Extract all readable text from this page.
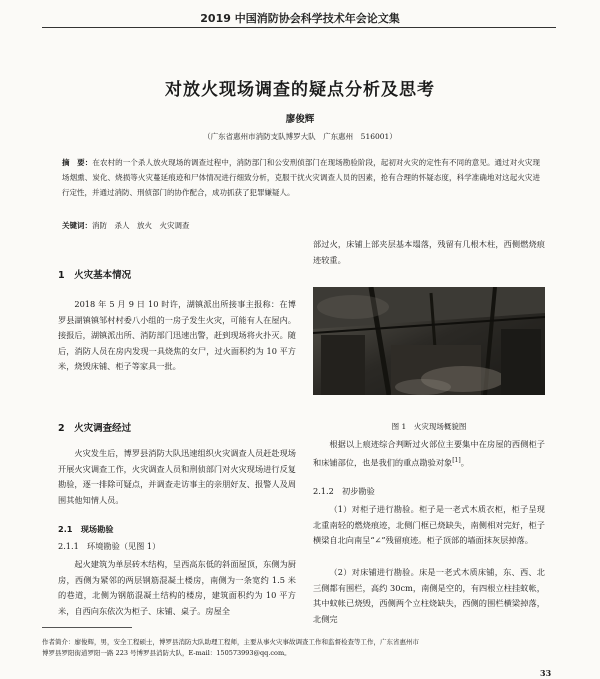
2019 中国消防协会科学技术年会论文集
对放火现场调查的疑点分析及思考
廖俊辉
（广东省惠州市消防支队博罗大队　广东惠州　516001）
摘　要：在农村的一个杀人放火现场的调查过程中，消防部门和公安刑侦部门在现场勘验阶段，起初对火灾的定性有不同的意见。通过对火灾现场烟熏、炭化、烧损等火灾蔓延痕迹和尸体情况进行细致分析，克服干扰火灾调查人员的因素，抢有合理的怀疑态度，科学准确地对这起火灾进行定性，并通过消防、刑侦部门的协作配合，成功抓获了犯罪嫌疑人。
关键词：消防　杀人　放火　火灾调查
1　火灾基本情况
2018 年 5 月 9 日 10 时许，湖镇派出所接事主报称：在博罗县湖镇镇邹村村委八小组的一房子发生火灾，可能有人在屋内。接报后，湖镇派出所、消防部门迅速出警，赶到现场将火扑灭。随后，消防人员在房内发现一具烧焦的女尸，过火面积约为 10 平方米，烧毁床铺、柜子等家具一批。
2　火灾调查经过
火灾发生后，博罗县消防大队迅速组织火灾调查人员赶赴现场开展火灾调查工作，火灾调查人员和刑侦部门对火灾现场进行反复勘验，逐一排除可疑点，并调查走访事主的亲朋好友、报警人及周围其他知情人员。
2.1　现场勘验
2.1.1　环境勘验（见图 1）
起火建筑为单层砖木结构，呈西高东低的斜面屋顶，东侧为厨房，西侧为紧邻的两层钢筋混凝土楼房，南侧为一条宽约 1.5 米的巷道，北侧为钢筋混凝土结构的楼房，建筑面积约为 10 平方米，自西向东依次为柜子、床铺、桌子。房屋全
部过火，床铺上部夹层基本塌落，残留有几根木柱，西侧燃烧痕迹较重。
图 1　火灾现场概貌图
根据以上痕迹综合判断过火部位主要集中在房屋的西侧柜子和床铺部位，也是我们的重点勘验对象[1]。
2.1.2　初步勘验
（1）对柜子进行勘验。柜子是一老式木质衣柜，柜子呈现北重南轻的燃烧痕迹，北侧门框已烧缺失，南侧相对完好，柜子横梁自北向南呈“∠”残留痕迹。柜子顶部的墙面抹灰层掉落。
（2）对床铺进行勘验。床是一老式木质床铺，东、西、北三侧都有围栏，高约 30cm，南侧是空的，有四根立柱挂蚊帐，其中蚊帐已烧毁，西侧两个立柱烧缺失，西侧的围栏横梁掉落，北侧完
作者简介：廖俊辉，男，安全工程硕士，博罗县消防大队助理工程师，主要从事火灾事故调查工作和监督检查等工作，广东省惠州市
博罗县罗阳街道罗阳一路 223 号博罗县消防大队，E-mail：150573993@qq.com。
33
